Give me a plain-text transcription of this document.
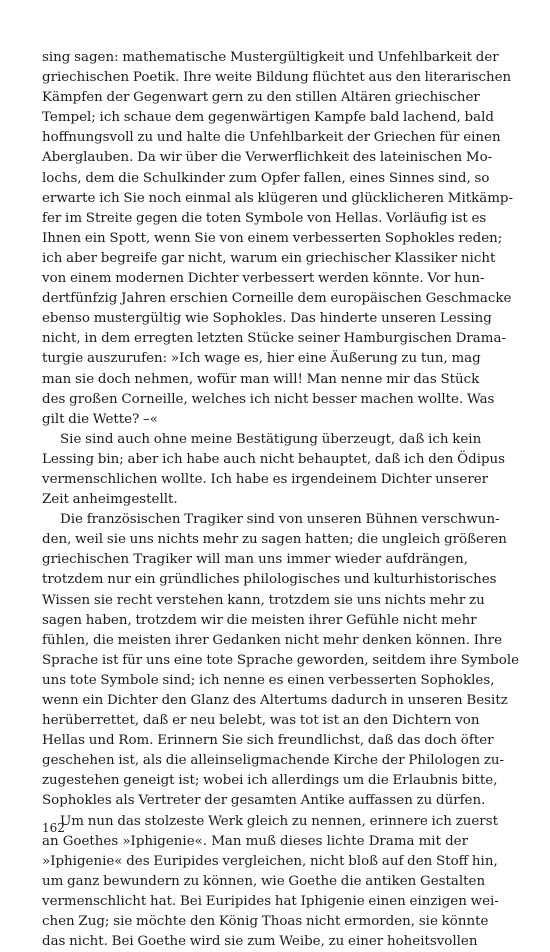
sing sagen: mathematische Mustergültigkeit und Unfehlbarkeit der
griechischen Poetik. Ihre weite Bildung flüchtet aus den literarischen
Kämpfen der Gegenwart gern zu den stillen Altären griechischer
Tempel; ich schaue dem gegenwärtigen Kampfe bald lachend, bald
hoffnungsvoll zu und halte die Unfehlbarkeit der Griechen für einen
Aberglauben. Da wir über die Verwerflichkeit des lateinischen Mo-
lochs, dem die Schulkinder zum Opfer fallen, eines Sinnes sind, so
erwarte ich Sie noch einmal als klügeren und glücklicheren Mitkämp-
fer im Streite gegen die toten Symbole von Hellas. Vorläufig ist es
Ihnen ein Spott, wenn Sie von einem verbesserten Sophokles reden;
ich aber begreife gar nicht, warum ein griechischer Klassiker nicht
von einem modernen Dichter verbessert werden könnte. Vor hun-
dertfünfzig Jahren erschien Corneille dem europäischen Geschmacke
ebenso mustergültig wie Sophokles. Das hinderte unseren Lessing
nicht, in dem erregten letzten Stücke seiner Hamburgischen Drama-
turgie auszurufen: »Ich wage es, hier eine Äußerung zu tun, mag
man sie doch nehmen, wofür man will! Man nenne mir das Stück
des großen Corneille, welches ich nicht besser machen wollte. Was
gilt die Wette? –«
Sie sind auch ohne meine Bestätigung überzeugt, daß ich kein
Lessing bin; aber ich habe auch nicht behauptet, daß ich den Ödipus
vermenschlichen wollte. Ich habe es irgendeinem Dichter unserer
Zeit anheimgestellt.
Die französischen Tragiker sind von unseren Bühnen verschwun-
den, weil sie uns nichts mehr zu sagen hatten; die ungleich größeren
griechischen Tragiker will man uns immer wieder aufdrängen,
trotzdem nur ein gründliches philologisches und kulturhistorisches
Wissen sie recht verstehen kann, trotzdem sie uns nichts mehr zu
sagen haben, trotzdem wir die meisten ihrer Gefühle nicht mehr
fühlen, die meisten ihrer Gedanken nicht mehr denken können. Ihre
Sprache ist für uns eine tote Sprache geworden, seitdem ihre Symbole
uns tote Symbole sind; ich nenne es einen verbesserten Sophokles,
wenn ein Dichter den Glanz des Altertums dadurch in unseren Besitz
herüberrettet, daß er neu belebt, was tot ist an den Dichtern von
Hellas und Rom. Erinnern Sie sich freundlichst, daß das doch öfter
geschehen ist, als die alleinseligmachende Kirche der Philologen zu-
zugestehen geneigt ist; wobei ich allerdings um die Erlaubnis bitte,
Sophokles als Vertreter der gesamten Antike auffassen zu dürfen.
Um nun das stolzeste Werk gleich zu nennen, erinnere ich zuerst
an Goethes »Iphigenie«. Man muß dieses lichte Drama mit der
»Iphigenie« des Euripides vergleichen, nicht bloß auf den Stoff hin,
um ganz bewundern zu können, wie Goethe die antiken Gestalten
vermenschlicht hat. Bei Euripides hat Iphigenie einen einzigen wei-
chen Zug; sie möchte den König Thoas nicht ermorden, sie könnte
das nicht. Bei Goethe wird sie zum Weibe, zu einer hoheitsvollen
162
